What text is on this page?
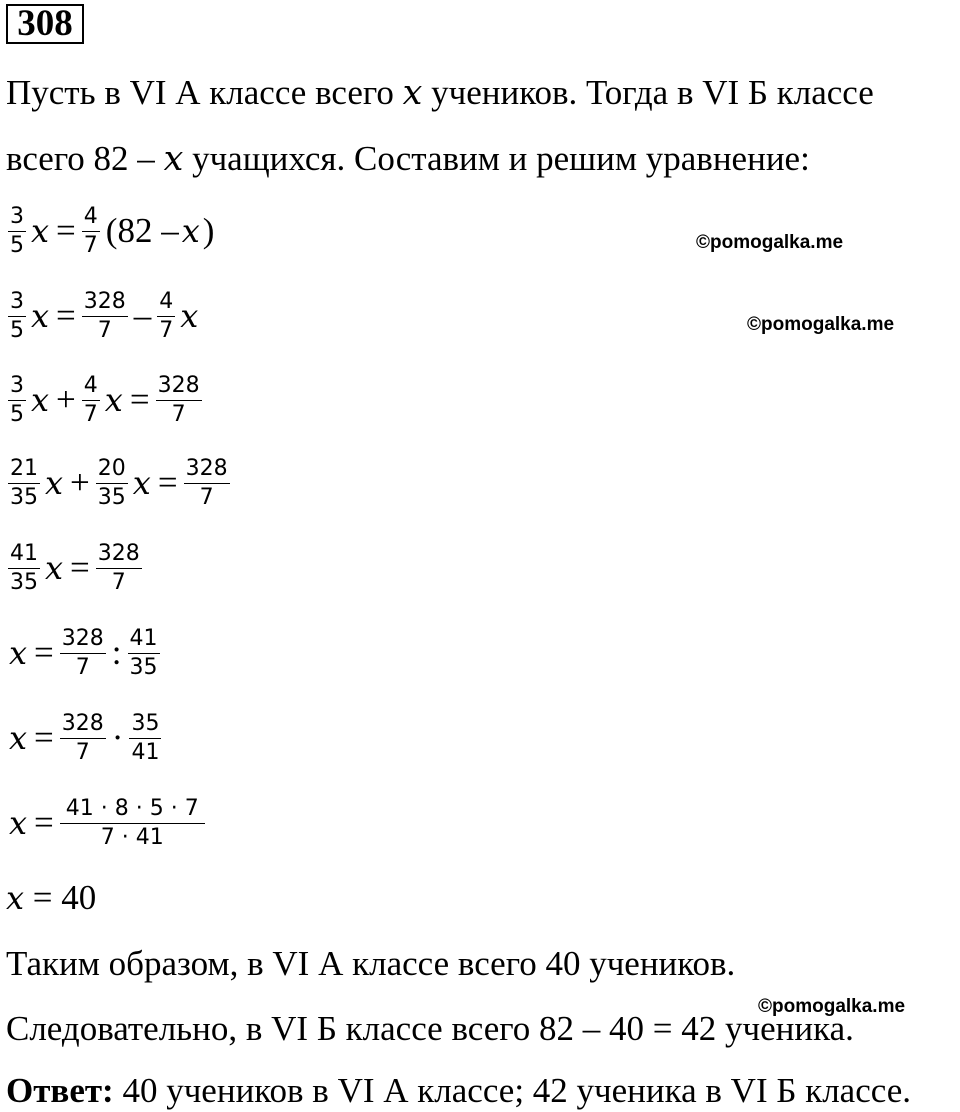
308
Пусть в VI А классе всего x учеников. Тогда в VI Б классе
всего 82 – x учащихся. Составим и решим уравнение:
$\frac{3}{5}$ $x = \frac{4}{7} (82 - x$ )
$\frac{3}{5}$ $x = \frac{328}{7} - \frac{4}{7}$ x
$\frac{3}{5}$ $x + \frac{4}{7}$ $x = \frac{328}{7}$
$\frac{21}{35}$ $x + \frac{20}{35}$ $x = \frac{328}{7}$
$\frac{41}{35}$ $x = \frac{328}{7}$
$x = \frac{328}{7}$ : $\frac{41}{35}$
$x = \frac{328}{7} \cdot \frac{35}{41}$
$x = \frac{41 \cdot 8 \cdot 5 \cdot 7}{7 \cdot 41}$
x = 40
Таким образом, в VI А классе всего 40 учеников.
Следовательно, в VI Б классе всего 82 – 40 = 42 ученика.
Ответ: 40 учеников в VI А классе; 42 ученика в VI Б классе.
©pomogalka.me
©pomogalka.me
©pomogalka.me
